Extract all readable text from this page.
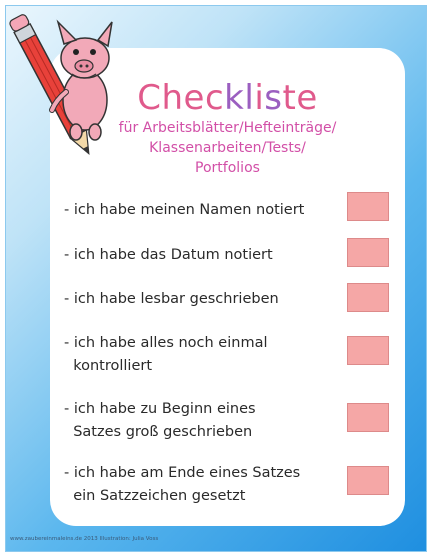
Checkliste
für Arbeitsblätter/Hefteinträge/
Klassenarbeiten/Tests/
Portfolios
- ich habe meinen Namen notiert
- ich habe das Datum notiert
- ich habe lesbar geschrieben
- ich habe alles noch einmal
kontrolliert
- ich habe zu Beginn eines
Satzes groß geschrieben
- ich habe am Ende eines Satzes
ein Satzzeichen gesetzt
www.zaubereinmaleins.de 2013 Illustration: Julia Voss
